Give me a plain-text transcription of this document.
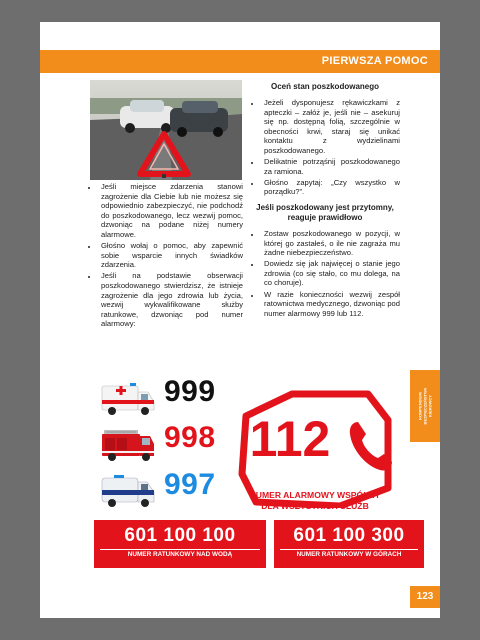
PIERWSZA POMOC
• Jeśli miejsce zdarzenia stanowi zagrożenie dla Ciebie lub nie możesz się odpowiednio zabezpieczyć, nie podchodź do poszkodowanego, lecz wezwij pomoc, dzwoniąc na podane niżej numery alarmowe.
• Głośno wołaj o pomoc, aby zapewnić sobie wsparcie innych świadków zdarzenia.
• Jeśli na podstawie obserwacji poszkodowanego stwierdzisz, że istnieje zagrożenie dla jego zdrowia lub życia, wezwij wykwalifikowane służby ratunkowe, dzwoniąc pod numer alarmowy:
Oceń stan poszkodowanego
• Jeżeli dysponujesz rękawiczkami z apteczki – załóż je, jeśli nie – asekuruj się np. dostępną folią, szczególnie w obecności krwi, staraj się unikać kontaktu z wydzielinami poszkodowanego.
• Delikatnie potrząśnij poszkodowanego za ramiona.
• Głośno zapytaj: „Czy wszystko w porządku?”.
Jeśli poszkodowany jest przytomny, reaguje prawidłowo
• Zostaw poszkodowanego w pozycji, w której go zastałeś, o ile nie zagraża mu żadne niebezpieczeństwo.
• Dowiedz się jak najwięcej o stanie jego zdrowia (co się stało, co mu dolega, na co choruje).
• W razie konieczności wezwij zespół ratownictwa medycznego, dzwoniąc pod numer alarmowy 999 lub 112.
KOMPENDIUM BEZPIECZEŃSTWA KIEROWCY
999
998
997
112
NUMER ALARMOWY WSPÓLNY
DLA WSZYSTKICH SŁUŻB
601 100 100
NUMER RATUNKOWY NAD WODĄ
601 100 300
NUMER RATUNKOWY W GÓRACH
123
